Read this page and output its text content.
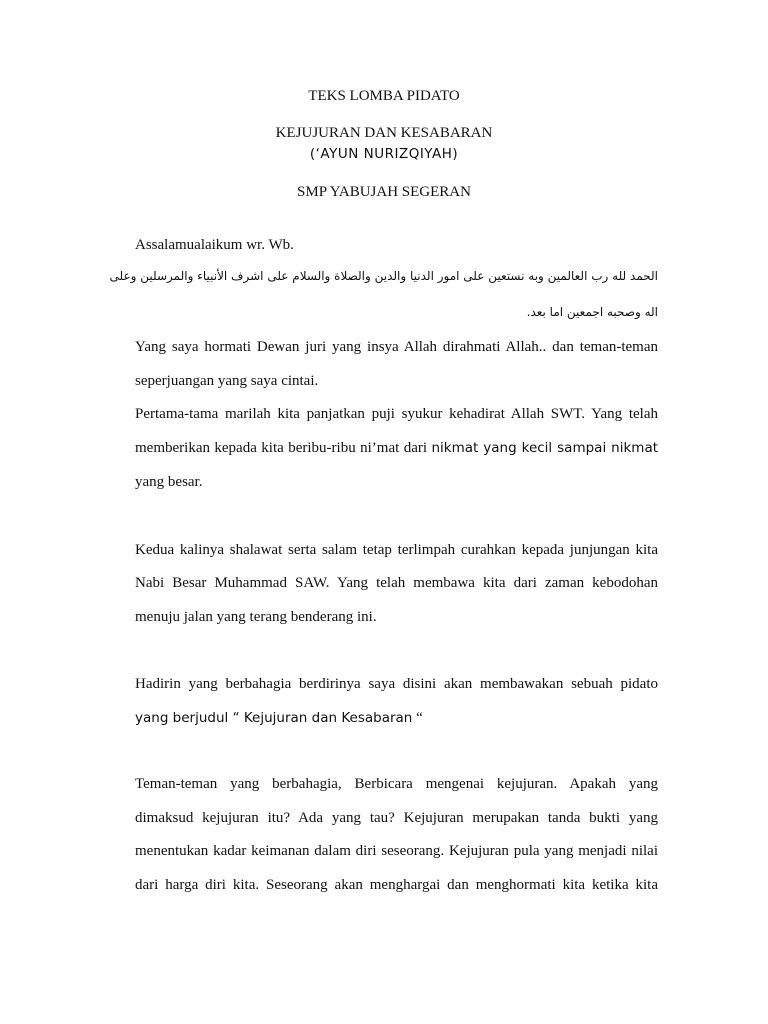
TEKS LOMBA PIDATO
KEJUJURAN DAN KESABARAN
(‘AYUN NURIZQIYAH)
SMP YABUJAH SEGERAN
Assalamualaikum wr. Wb.
الحمد لله رب العالمين وبه نستعين على امور الدنيا والدين والصلاة والسلام على اشرف الأنبياء والمرسلين وعلى
اله وصحبه اجمعين اما بعد.
Yang saya hormati Dewan juri yang insya Allah dirahmati Allah.. dan teman-teman
seperjuangan yang saya cintai.
Pertama-tama marilah kita panjatkan puji syukur kehadirat Allah SWT. Yang telah
memberikan kepada kita beribu-ribu ni’mat dari nikmat yang kecil sampai nikmat
yang besar.
Kedua kalinya shalawat serta salam tetap terlimpah curahkan kepada junjungan kita
Nabi Besar Muhammad SAW. Yang telah membawa kita dari zaman kebodohan
menuju jalan yang terang benderang ini.
Hadirin yang berbahagia berdirinya saya disini akan membawakan sebuah pidato
yang berjudul “ Kejujuran dan Kesabaran “
Teman-teman yang berbahagia, Berbicara mengenai kejujuran. Apakah yang
dimaksud kejujuran itu? Ada yang tau? Kejujuran merupakan tanda bukti yang
menentukan kadar keimanan dalam diri seseorang. Kejujuran pula yang menjadi nilai
dari harga diri kita. Seseorang akan menghargai dan menghormati kita ketika kita
